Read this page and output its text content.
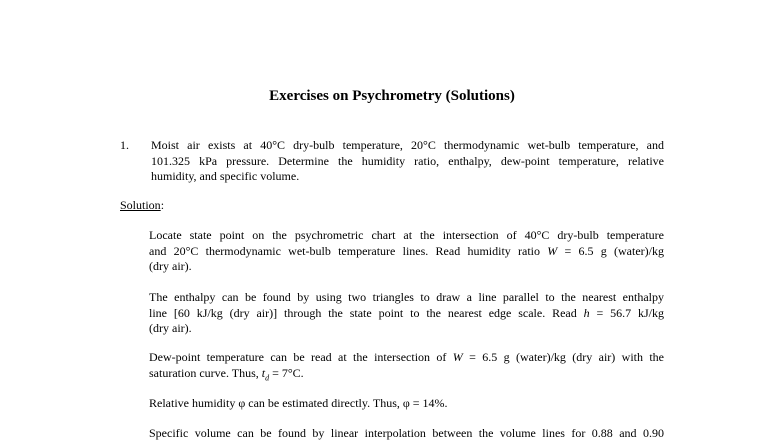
Exercises on Psychrometry (Solutions)
1. Moist air exists at 40°C dry-bulb temperature, 20°C thermodynamic wet-bulb temperature, and
101.325 kPa pressure. Determine the humidity ratio, enthalpy, dew-point temperature, relative
humidity, and specific volume.
Solution:
Locate state point on the psychrometric chart at the intersection of 40°C dry-bulb temperature
and 20°C thermodynamic wet-bulb temperature lines. Read humidity ratio W = 6.5 g (water)/kg
(dry air).
The enthalpy can be found by using two triangles to draw a line parallel to the nearest enthalpy
line [60 kJ/kg (dry air)] through the state point to the nearest edge scale. Read h = 56.7 kJ/kg
(dry air).
Dew-point temperature can be read at the intersection of W = 6.5 g (water)/kg (dry air) with the
saturation curve. Thus, $t_d = 7^\circ C$.
Relative humidity φ can be estimated directly. Thus, φ = 14%.
Specific volume can be found by linear interpolation between the volume lines for 0.88 and 0.90
